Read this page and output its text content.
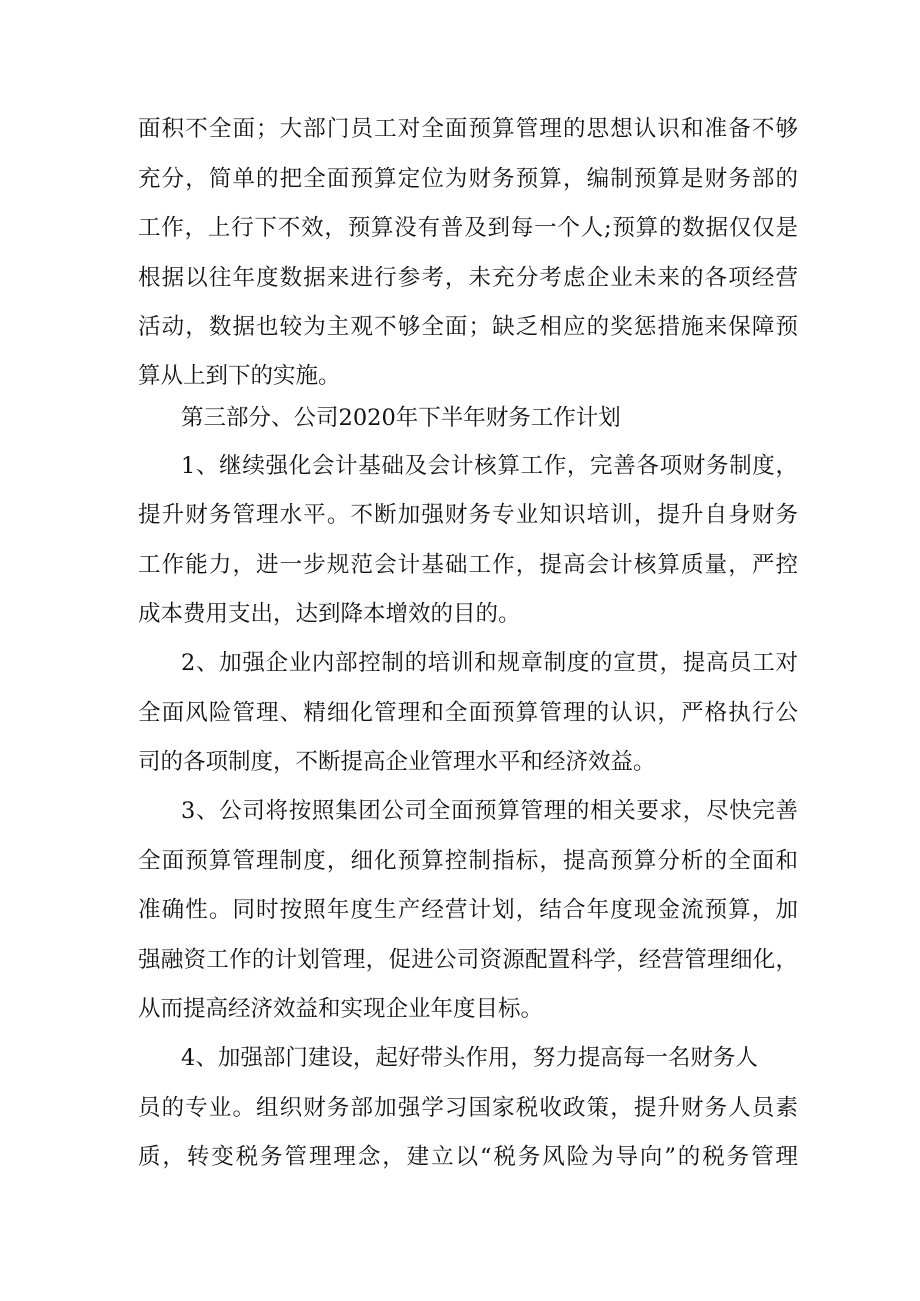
面积不全面；大部门员工对全面预算管理的思想认识和准备不够

充分，简单的把全面预算定位为财务预算，编制预算是财务部的

工作，上行下不效，预算没有普及到每一个人;预算的数据仅仅是

根据以往年度数据来进行参考，未充分考虑企业未来的各项经营

活动，数据也较为主观不够全面；缺乏相应的奖惩措施来保障预

算从上到下的实施。

第三部分、公司2020年下半年财务工作计划

1、继续强化会计基础及会计核算工作，完善各项财务制度，

提升财务管理水平。不断加强财务专业知识培训，提升自身财务

工作能力，进一步规范会计基础工作，提高会计核算质量，严控

成本费用支出，达到降本增效的目的。

2、加强企业内部控制的培训和规章制度的宣贯，提高员工对

全面风险管理、精细化管理和全面预算管理的认识，严格执行公

司的各项制度，不断提高企业管理水平和经济效益。

3、公司将按照集团公司全面预算管理的相关要求，尽快完善

全面预算管理制度，细化预算控制指标，提高预算分析的全面和

准确性。同时按照年度生产经营计划，结合年度现金流预算，加

强融资工作的计划管理，促进公司资源配置科学，经营管理细化，

从而提高经济效益和实现企业年度目标。

4、加强部门建设，起好带头作用，努力提高每一名财务人

员的专业。组织财务部加强学习国家税收政策，提升财务人员素

质，转变税务管理理念，建立以“税务风险为导向”的税务管理
